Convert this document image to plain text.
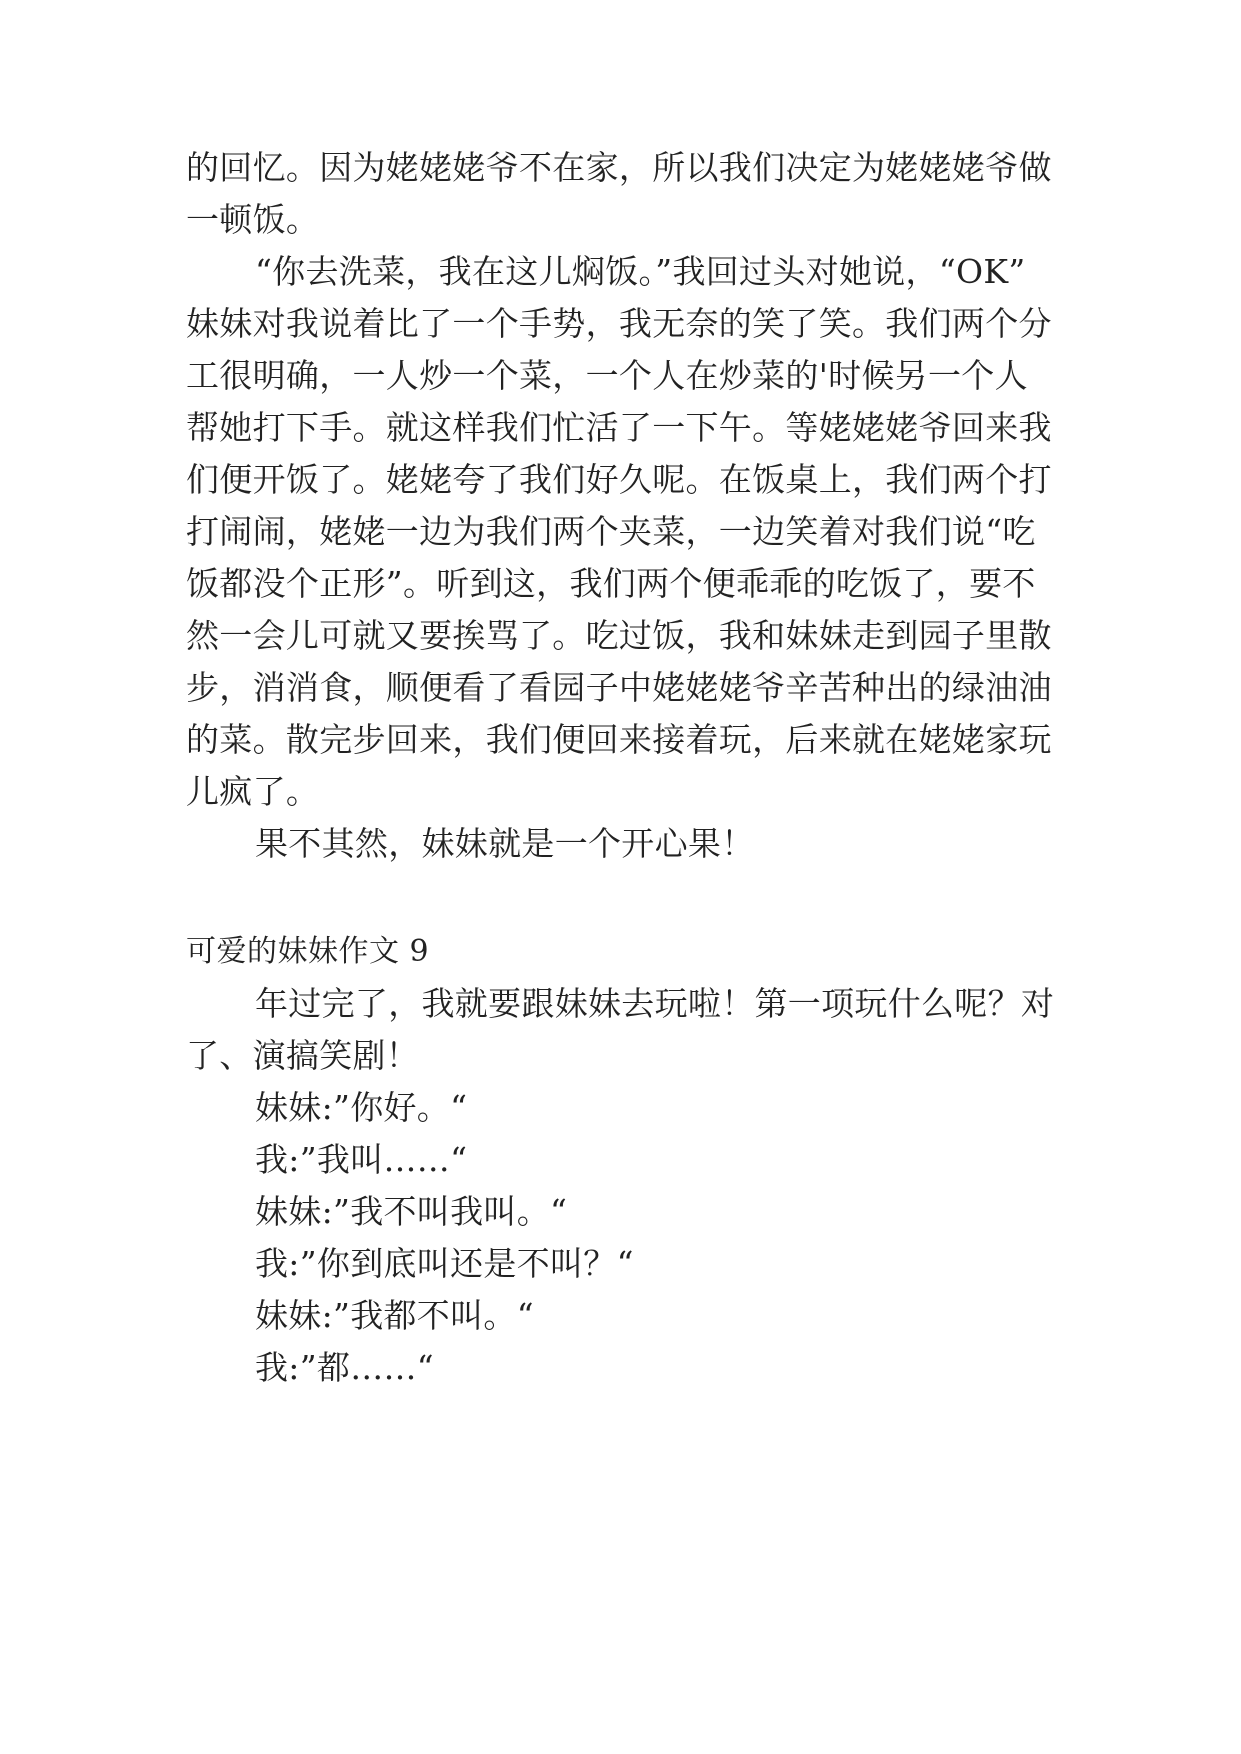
的回忆。因为姥姥姥爷不在家，所以我们决定为姥姥姥爷做
一顿饭。
“你去洗菜，我在这儿焖饭。”我回过头对她说，“OK”
妹妹对我说着比了一个手势，我无奈的笑了笑。我们两个分
工很明确，一人炒一个菜，一个人在炒菜的'时候另一个人
帮她打下手。就这样我们忙活了一下午。等姥姥姥爷回来我
们便开饭了。姥姥夸了我们好久呢。在饭桌上，我们两个打
打闹闹，姥姥一边为我们两个夹菜，一边笑着对我们说“吃
饭都没个正形”。听到这，我们两个便乖乖的吃饭了，要不
然一会儿可就又要挨骂了。吃过饭，我和妹妹走到园子里散
步，消消食，顺便看了看园子中姥姥姥爷辛苦种出的绿油油
的菜。散完步回来，我们便回来接着玩，后来就在姥姥家玩
儿疯了。
果不其然，妹妹就是一个开心果！
可爱的妹妹作文 9
年过完了，我就要跟妹妹去玩啦！第一项玩什么呢？对
了、演搞笑剧！
妹妹:”你好。“
我:”我叫……“
妹妹:”我不叫我叫。“
我:”你到底叫还是不叫？“
妹妹:”我都不叫。“
我:”都……“
